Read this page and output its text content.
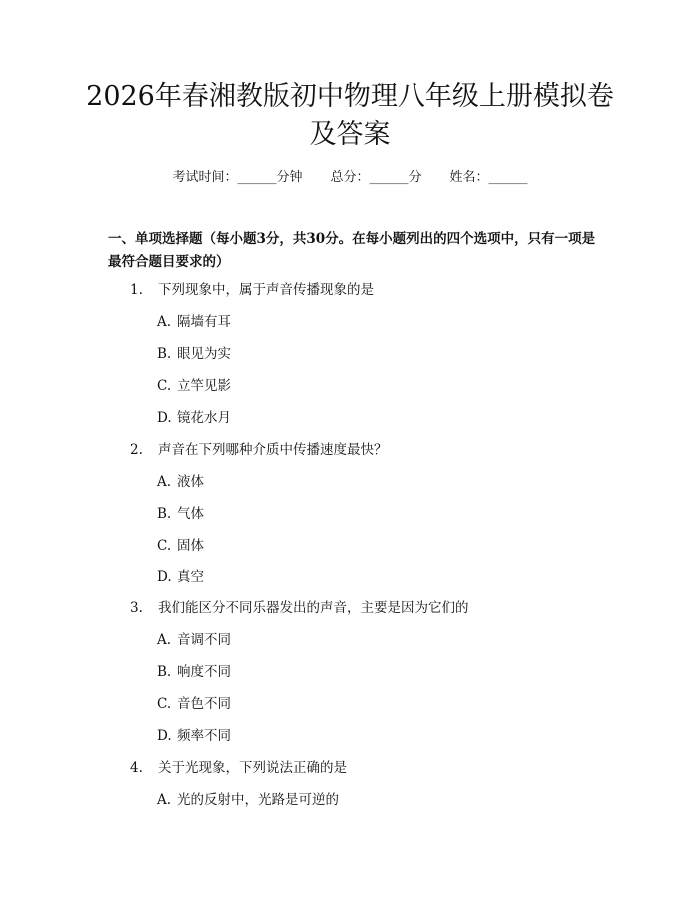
2026年春湘教版初中物理八年级上册模拟卷
及答案
考试时间：______分钟 总分：______分 姓名：______
一、单项选择题（每小题3分，共30分。在每小题列出的四个选项中，只有一项是最符合题目要求的）
1. 下列现象中，属于声音传播现象的是
A. 隔墙有耳
B. 眼见为实
C. 立竿见影
D. 镜花水月
2. 声音在下列哪种介质中传播速度最快？
A. 液体
B. 气体
C. 固体
D. 真空
3. 我们能区分不同乐器发出的声音，主要是因为它们的
A. 音调不同
B. 响度不同
C. 音色不同
D. 频率不同
4. 关于光现象，下列说法正确的是
A. 光的反射中，光路是可逆的
